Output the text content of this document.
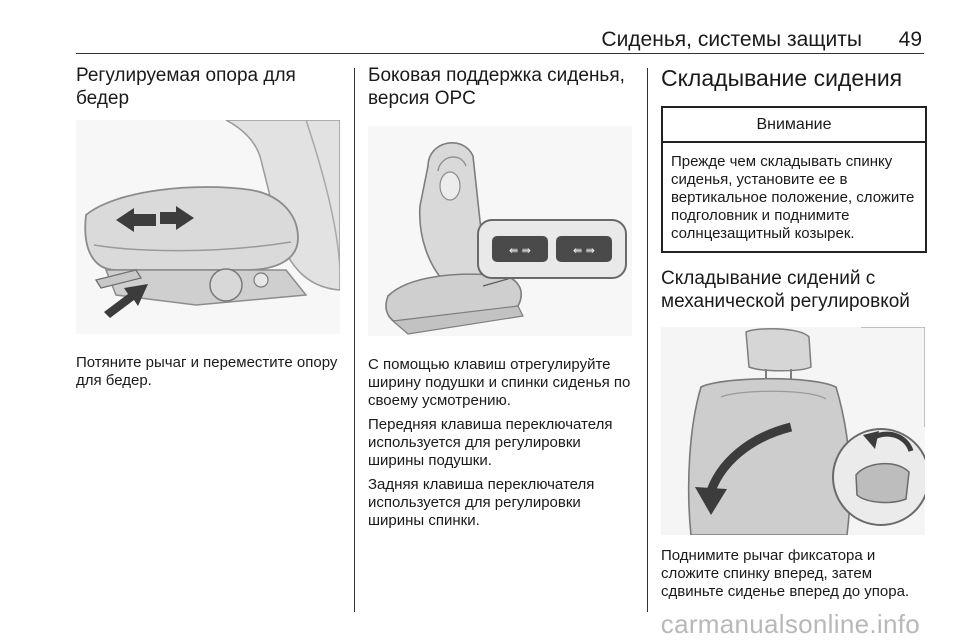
Сиденья, системы защиты 49
Регулируемая опора для бедер

Потяните рычаг и переместите опору для бедер.

Боковая поддержка сиденья, версия OPC
⇚ ⇛	⇚ ⇛

С помощью клавиш отрегулируйте ширину подушки и спинки сиденья по своему усмотрению.

Передняя клавиша переключателя используется для регулировки ширины подушки.

Задняя клавиша переключателя используется для регулировки ширины спинки.

Складывание сидения
Внимание
Прежде чем складывать спинку сиденья, установите ее в вертикальное положение, сложите подголовник и поднимите солнцезащитный козырек.
Складывание сидений с механической регулировкой

Поднимите рычаг фиксатора и сложите спинку вперед, затем сдвиньте сиденье вперед до упора.

carmanualsonline.info
